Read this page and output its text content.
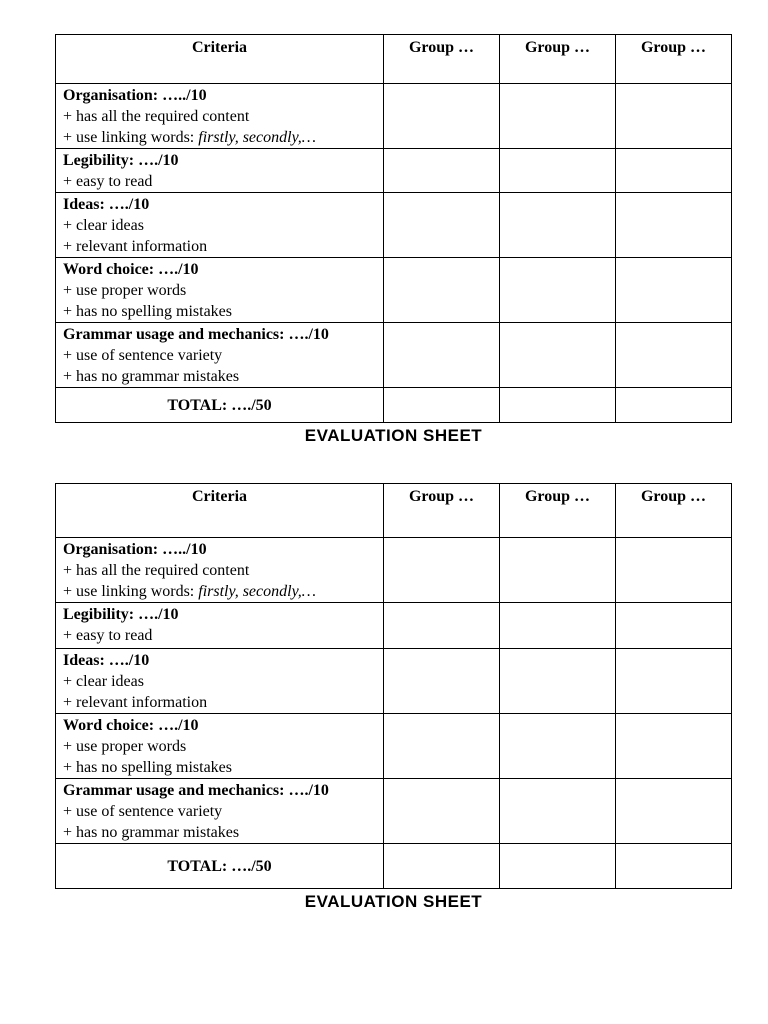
Criteria	Group …	Group …	Group …

Organisation: …../10
+ has all the required content
+ use linking words: firstly, secondly,…			

Legibility: …./10
+ easy to read			

Ideas: …./10
+ clear ideas
+ relevant information			

Word choice: …./10
+ use proper words
+ has no spelling mistakes			

Grammar usage and mechanics: …./10
+ use of sentence variety
+ has no grammar mistakes			

TOTAL: …./50			
EVALUATION SHEET
Criteria	Group …	Group …	Group …

Organisation: …../10
+ has all the required content
+ use linking words: firstly, secondly,…			

Legibility: …./10
+ easy to read			

Ideas: …./10
+ clear ideas
+ relevant information			

Word choice: …./10
+ use proper words
+ has no spelling mistakes			

Grammar usage and mechanics: …./10
+ use of sentence variety
+ has no grammar mistakes			

TOTAL: …./50			
EVALUATION SHEET
